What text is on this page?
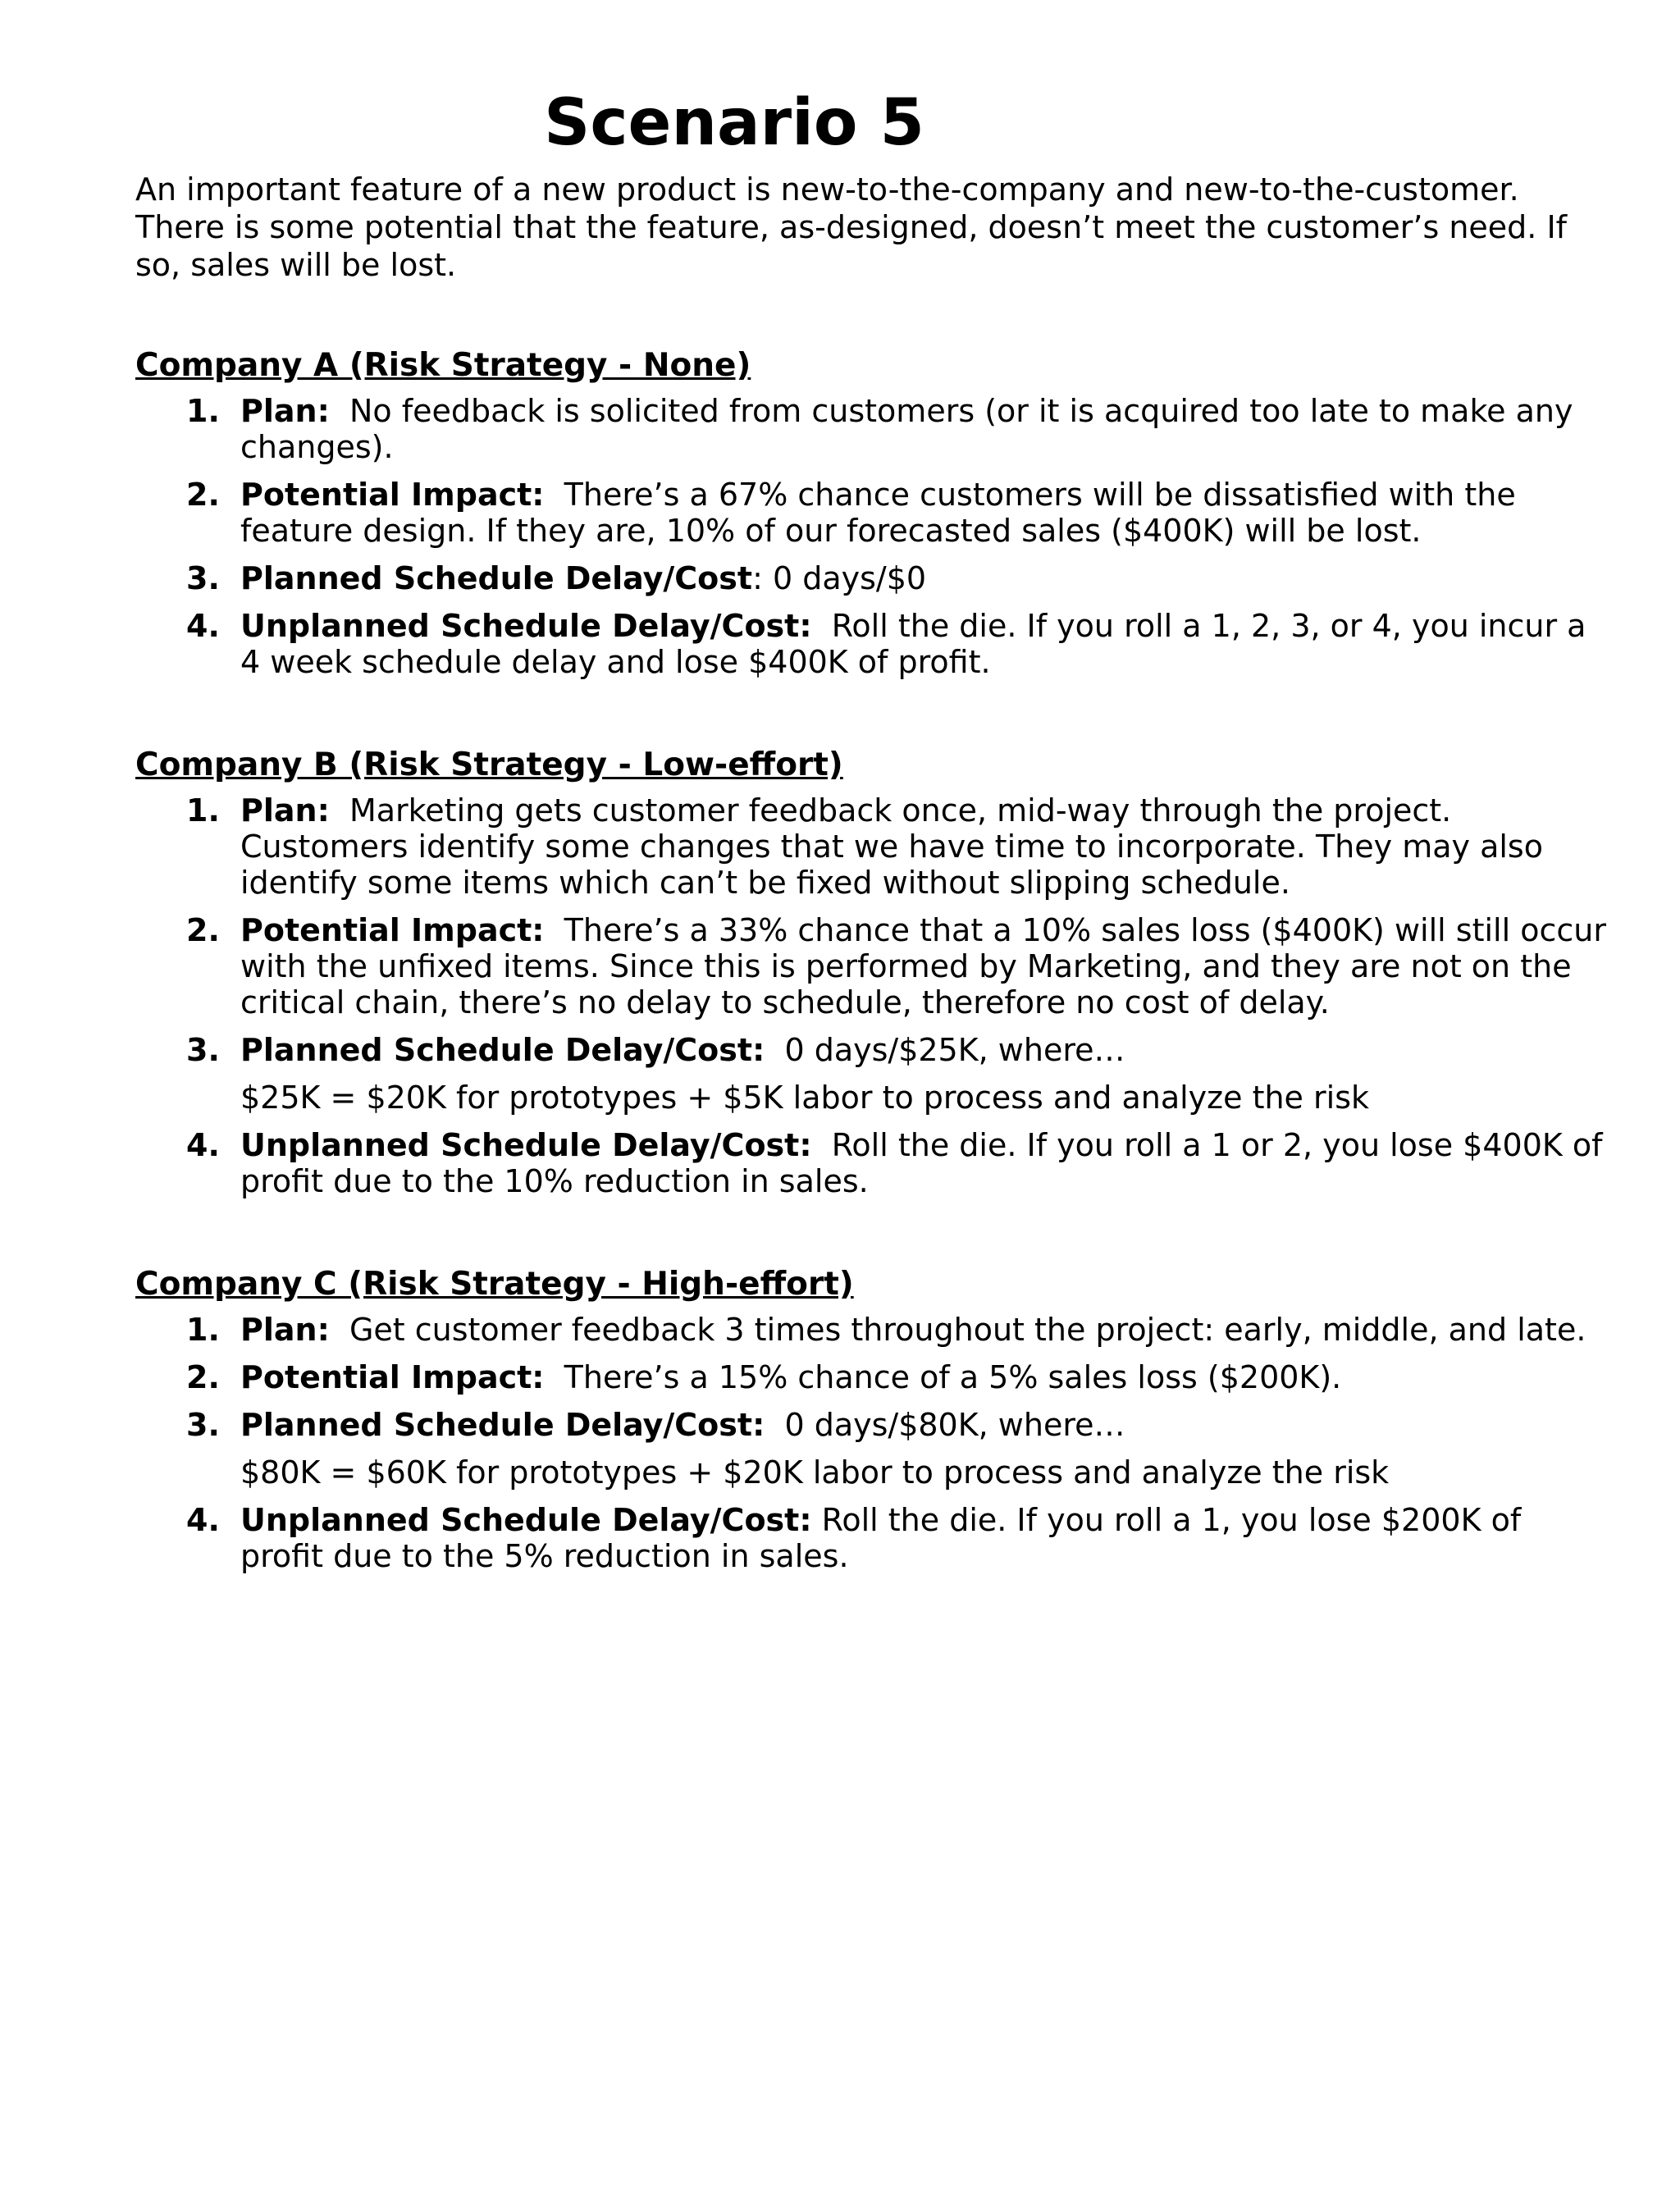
Scenario 5

An important feature of a new product is new-to-the-company and new-to-the-customer. There is some potential that the feature, as-designed, doesn’t meet the customer’s need. If so, sales will be lost.

Company A (Risk Strategy - None)
1. Plan: No feedback is solicited from customers (or it is acquired too late to make any changes).
2. Potential Impact: There’s a 67% chance customers will be dissatisfied with the feature design. If they are, 10% of our forecasted sales ($400K) will be lost.
3. Planned Schedule Delay/Cost: 0 days/$0
4. Unplanned Schedule Delay/Cost: Roll the die. If you roll a 1, 2, 3, or 4, you incur a 4 week schedule delay and lose $400K of profit.
Company B (Risk Strategy - Low-effort)
1. Plan: Marketing gets customer feedback once, mid-way through the project. Customers identify some changes that we have time to incorporate. They may also identify some items which can’t be fixed without slipping schedule.
2. Potential Impact: There’s a 33% chance that a 10% sales loss ($400K) will still occur with the unfixed items. Since this is performed by Marketing, and they are not on the critical chain, there’s no delay to schedule, therefore no cost of delay.
3. Planned Schedule Delay/Cost: 0 days/$25K, where…
$25K = $20K for prototypes + $5K labor to process and analyze the risk
4. Unplanned Schedule Delay/Cost: Roll the die. If you roll a 1 or 2, you lose $400K of profit due to the 10% reduction in sales.
Company C (Risk Strategy - High-effort)
1. Plan: Get customer feedback 3 times throughout the project: early, middle, and late.
2. Potential Impact: There’s a 15% chance of a 5% sales loss ($200K).
3. Planned Schedule Delay/Cost: 0 days/$80K, where…
$80K = $60K for prototypes + $20K labor to process and analyze the risk
4. Unplanned Schedule Delay/Cost: Roll the die. If you roll a 1, you lose $200K of profit due to the 5% reduction in sales.
